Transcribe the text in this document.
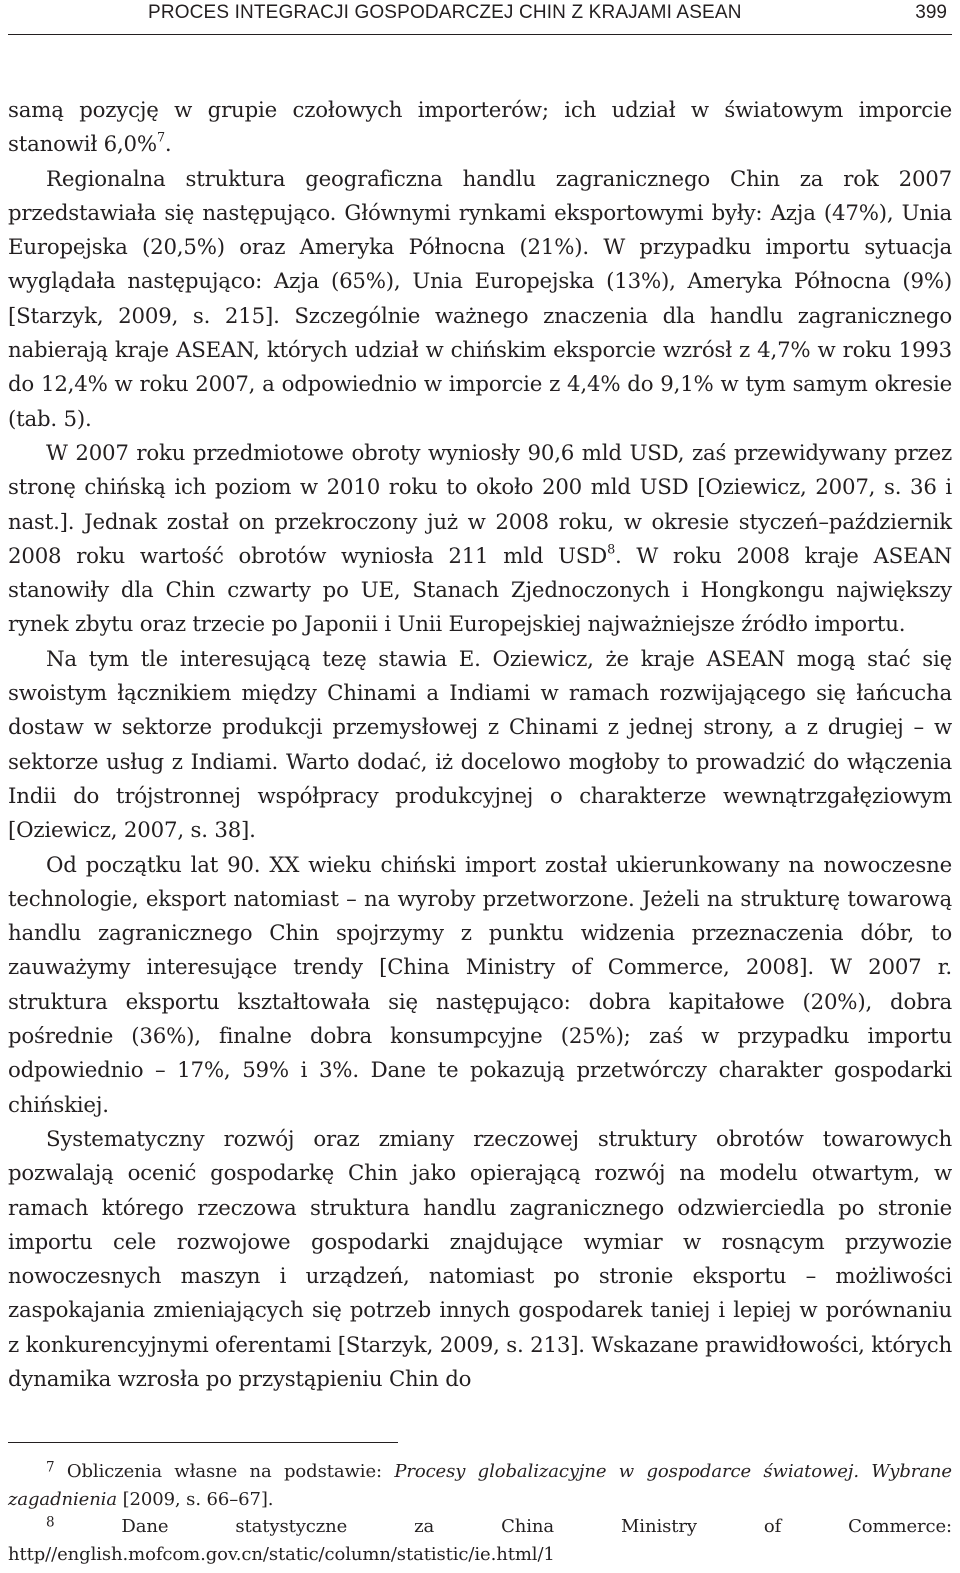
PROCES INTEGRACJI GOSPODARCZEJ CHIN Z KRAJAMI ASEAN	399

samą pozycję w grupie czołowych importerów; ich udział w światowym imporcie stanowił 6,0%$^7$.

Regionalna struktura geograficzna handlu zagranicznego Chin za rok 2007 przedstawiała się następująco. Głównymi rynkami eksportowymi były: Azja (47%), Unia Europejska (20,5%) oraz Ameryka Północna (21%). W przypadku importu sytuacja wyglądała następująco: Azja (65%), Unia Europejska (13%), Ameryka Północna (9%) [Starzyk, 2009, s. 215]. Szczególnie ważnego znaczenia dla handlu zagranicznego nabierają kraje ASEAN, których udział w chińskim eksporcie wzrósł z 4,7% w roku 1993 do 12,4% w roku 2007, a odpowiednio w imporcie z 4,4% do 9,1% w tym samym okresie (tab. 5).

W 2007 roku przedmiotowe obroty wyniosły 90,6 mld USD, zaś przewidywany przez stronę chińską ich poziom w 2010 roku to około 200 mld USD [Oziewicz, 2007, s. 36 i nast.]. Jednak został on przekroczony już w 2008 roku, w okresie styczeń–październik 2008 roku wartość obrotów wyniosła 211 mld USD$^8$. W roku 2008 kraje ASEAN stanowiły dla Chin czwarty po UE, Stanach Zjednoczonych i Hongkongu największy rynek zbytu oraz trzecie po Japonii i Unii Europejskiej najważniejsze źródło importu.

Na tym tle interesującą tezę stawia E. Oziewicz, że kraje ASEAN mogą stać się swoistym łącznikiem między Chinami a Indiami w ramach rozwijającego się łańcucha dostaw w sektorze produkcji przemysłowej z Chinami z jednej strony, a z drugiej – w sektorze usług z Indiami. Warto dodać, iż docelowo mogłoby to prowadzić do włączenia Indii do trójstronnej współpracy produkcyjnej o charakterze wewnątrzgałęziowym [Oziewicz, 2007, s. 38].

Od początku lat 90. XX wieku chiński import został ukierunkowany na nowoczesne technologie, eksport natomiast – na wyroby przetworzone. Jeżeli na strukturę towarową handlu zagranicznego Chin spojrzymy z punktu widzenia przeznaczenia dóbr, to zauważymy interesujące trendy [China Ministry of Commerce, 2008]. W 2007 r. struktura eksportu kształtowała się następująco: dobra kapitałowe (20%), dobra pośrednie (36%), finalne dobra konsumpcyjne (25%); zaś w przypadku importu odpowiednio – 17%, 59% i 3%. Dane te pokazują przetwórczy charakter gospodarki chińskiej.

Systematyczny rozwój oraz zmiany rzeczowej struktury obrotów towarowych pozwalają ocenić gospodarkę Chin jako opierającą rozwój na modelu otwartym, w ramach którego rzeczowa struktura handlu zagranicznego odzwierciedla po stronie importu cele rozwojowe gospodarki znajdujące wymiar w rosnącym przywozie nowoczesnych maszyn i urządzeń, natomiast po stronie eksportu – możliwości zaspokajania zmieniających się potrzeb innych gospodarek taniej i lepiej w porównaniu z konkurencyjnymi oferentami [Starzyk, 2009, s. 213]. Wskazane prawidłowości, których dynamika wzrosła po przystąpieniu Chin do

$^7$ Obliczenia własne na podstawie: Procesy globalizacyjne w gospodarce światowej. Wybrane zagadnienia [2009, s. 66–67].

$^8$ Dane statystyczne za China Ministry of Commerce: http//english.mofcom.gov.cn/static/column/statistic/ie.html/1
